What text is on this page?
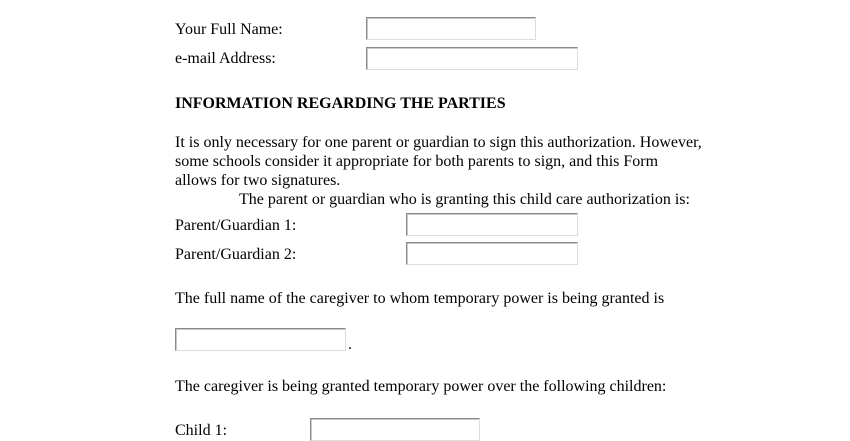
Your Full Name:
e-mail Address:
INFORMATION REGARDING THE PARTIES
It is only necessary for one parent or guardian to sign this authorization. However,
some schools consider it appropriate for both parents to sign, and this Form
allows for two signatures.
The parent or guardian who is granting this child care authorization is:
Parent/Guardian 1:
Parent/Guardian 2:
The full name of the caregiver to whom temporary power is being granted is
.
The caregiver is being granted temporary power over the following children:
Child 1:
